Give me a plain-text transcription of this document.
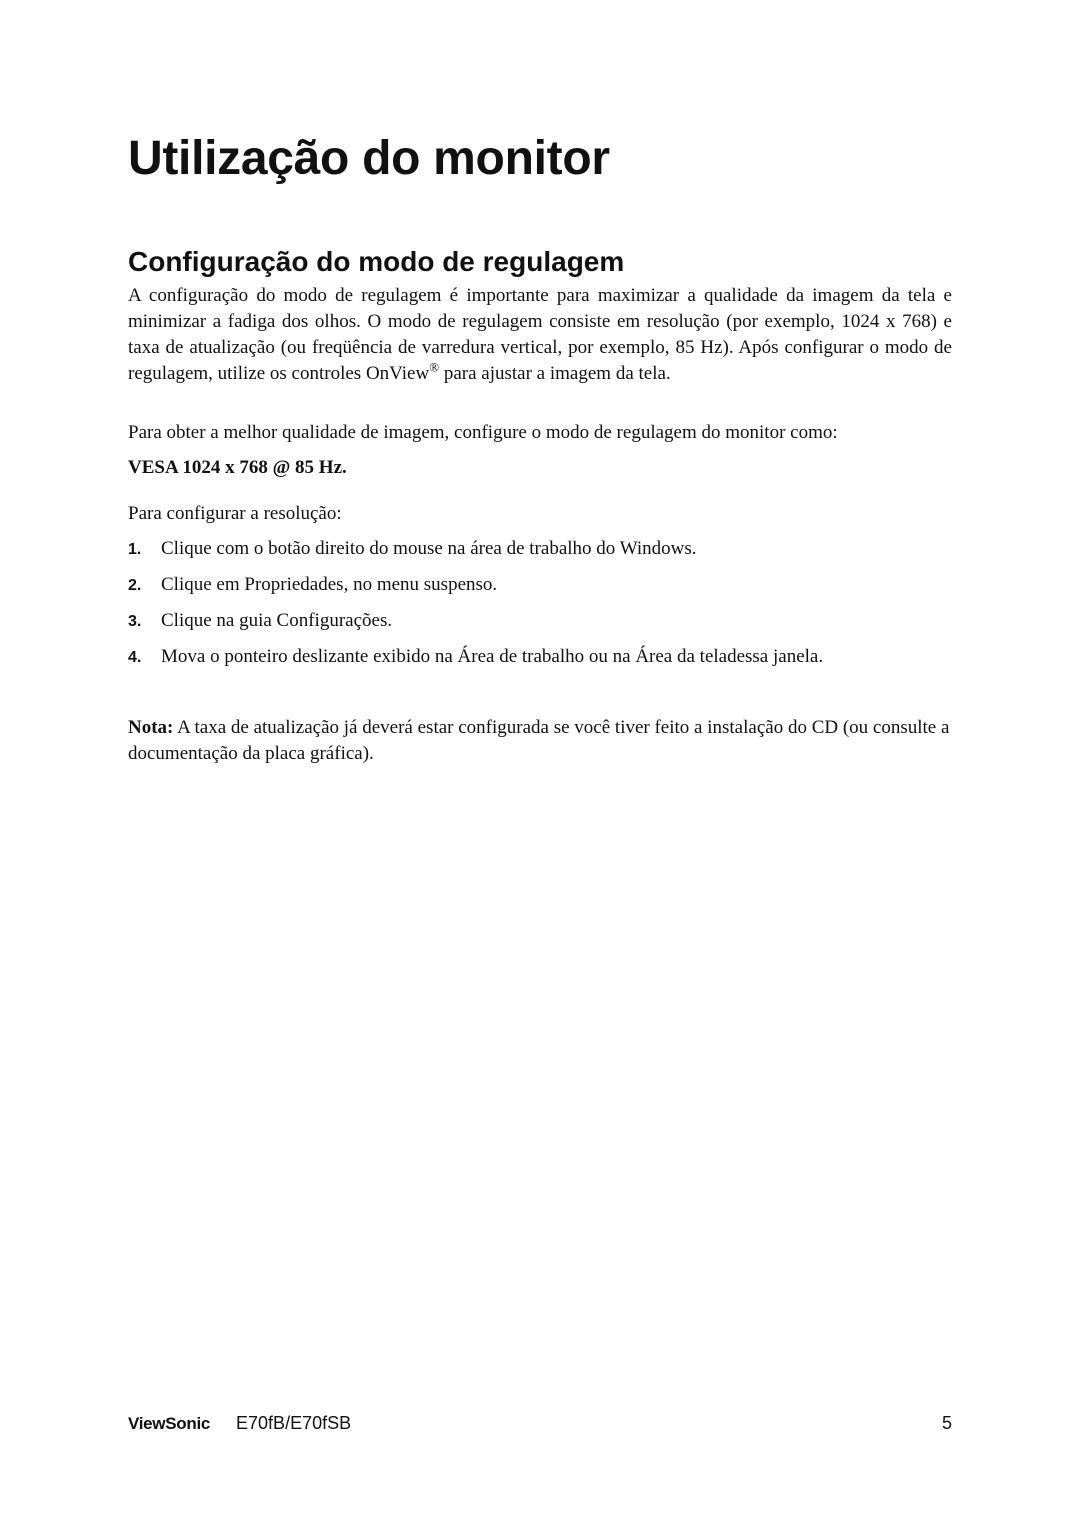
Utilização do monitor
Configuração do modo de regulagem

A configuração do modo de regulagem é importante para maximizar a qualidade da imagem da tela e minimizar a fadiga dos olhos. O modo de regulagem consiste em resolução (por exemplo, 1024 x 768) e taxa de atualização (ou freqüência de varredura vertical, por exemplo, 85 Hz). Após configurar o modo de regulagem, utilize os controles OnView® para ajustar a imagem da tela.

Para obter a melhor qualidade de imagem, configure o modo de regulagem do monitor como:

VESA 1024 x 768 @ 85 Hz.

Para configurar a resolução:

1.	Clique com o botão direito do mouse na área de trabalho do Windows.
2.	Clique em Propriedades, no menu suspenso.
3.	Clique na guia Configurações.
4.	Mova o ponteiro deslizante exibido na Área de trabalho ou na Área da teladessa janela.

Nota: A taxa de atualização já deverá estar configurada se você tiver feito a instalação do CD (ou consulte a documentação da placa gráfica).

ViewSonic E70fB/E70fSB	5
